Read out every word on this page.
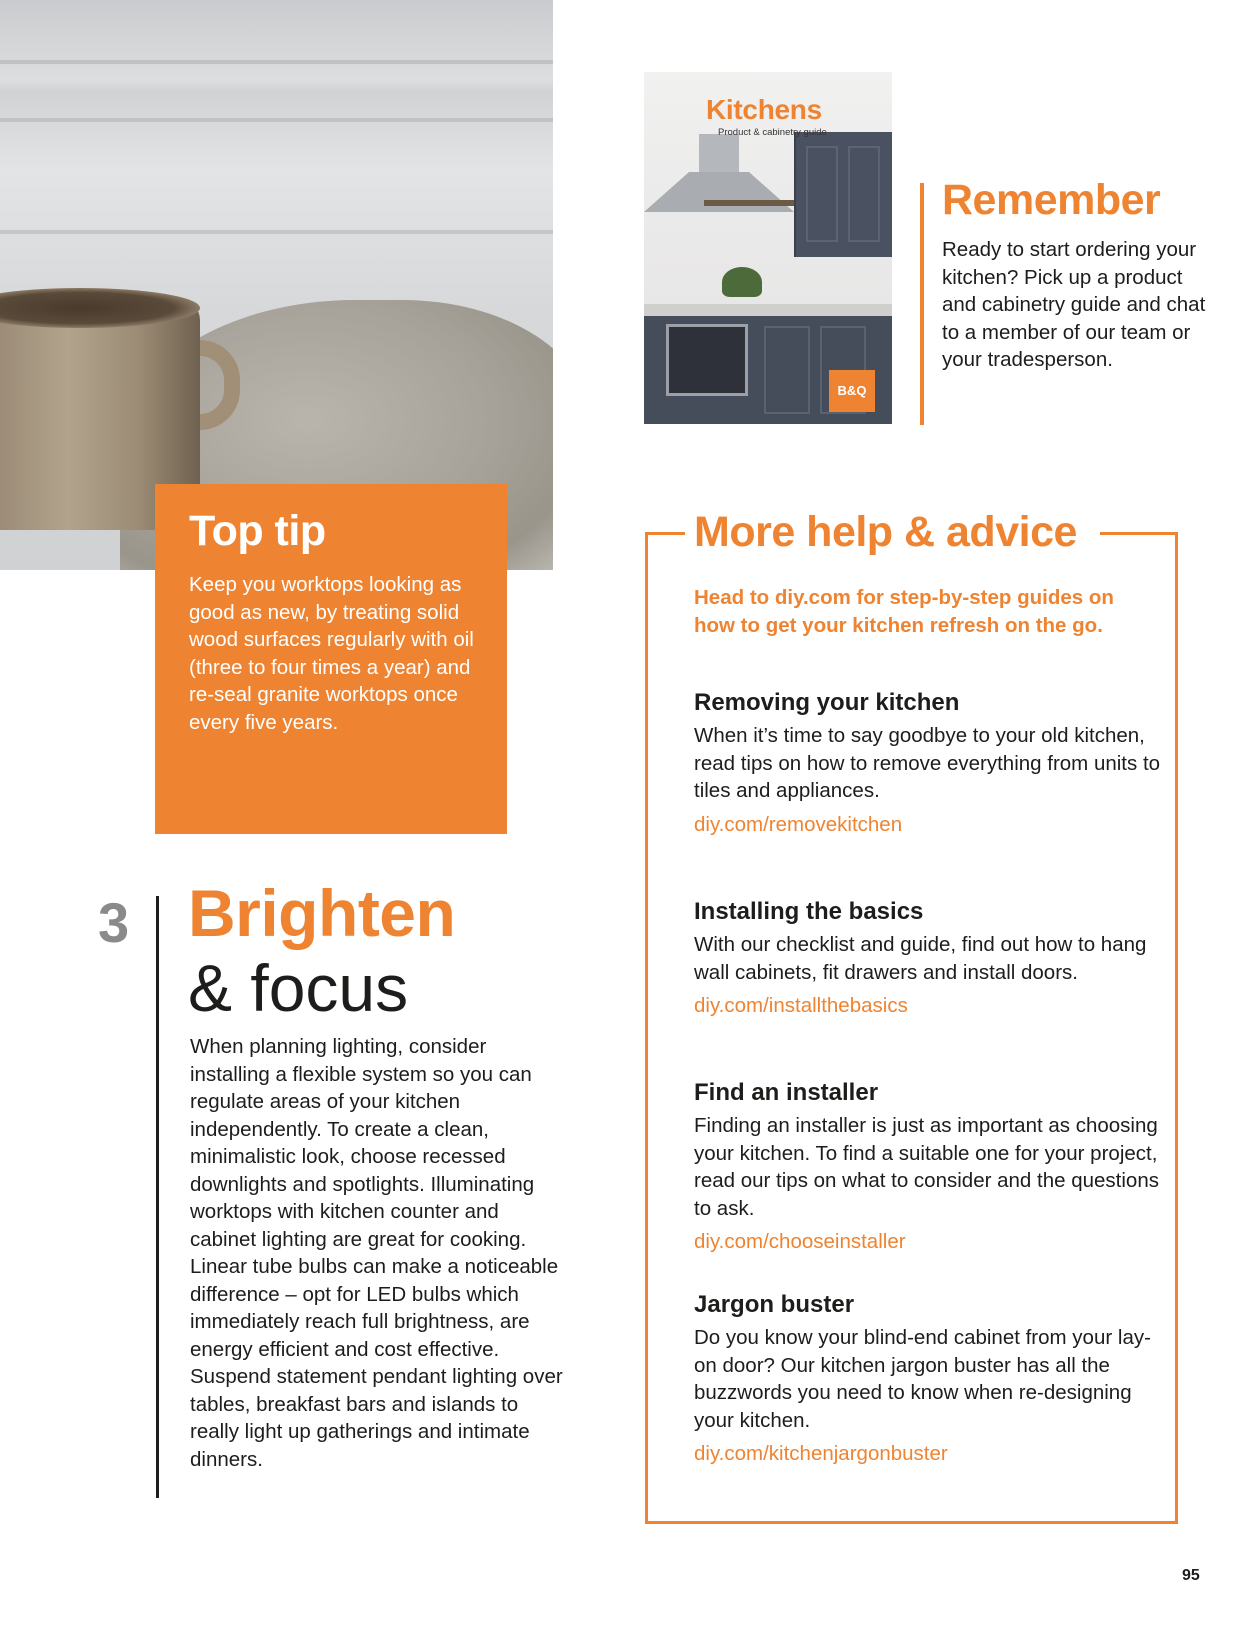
Top tip

Keep you worktops looking as good as new, by treating solid wood surfaces regularly with oil (three to four times a year) and re-seal granite worktops once every five years.

Kitchens
Product & cabinetry guide
B&Q
Remember
Ready to start ordering your kitchen? Pick up a product and cabinetry guide and chat to a member of our team or your tradesperson.
More help & advice
Head to diy.com for step-by-step guides on how to get your kitchen refresh on the go.
Removing your kitchen

When it’s time to say goodbye to your old kitchen, read tips on how to remove everything from units to tiles and appliances.

diy.com/removekitchen
Installing the basics

With our checklist and guide, find out how to hang wall cabinets, fit drawers and install doors.

diy.com/installthebasics
Find an installer

Finding an installer is just as important as choosing your kitchen. To find a suitable one for your project, read our tips on what to consider and the questions to ask.

diy.com/chooseinstaller
Jargon buster

Do you know your blind-end cabinet from your lay-on door? Our kitchen jargon buster has all the buzzwords you need to know when re-designing your kitchen.

diy.com/kitchenjargonbuster
3 Brighten
& focus
When planning lighting, consider installing a flexible system so you can regulate areas of your kitchen independently. To create a clean, minimalistic look, choose recessed downlights and spotlights. Illuminating worktops with kitchen counter and cabinet lighting are great for cooking. Linear tube bulbs can make a noticeable difference – opt for LED bulbs which immediately reach full brightness, are energy efficient and cost effective. Suspend statement pendant lighting over tables, breakfast bars and islands to really light up gatherings and intimate dinners.
95
